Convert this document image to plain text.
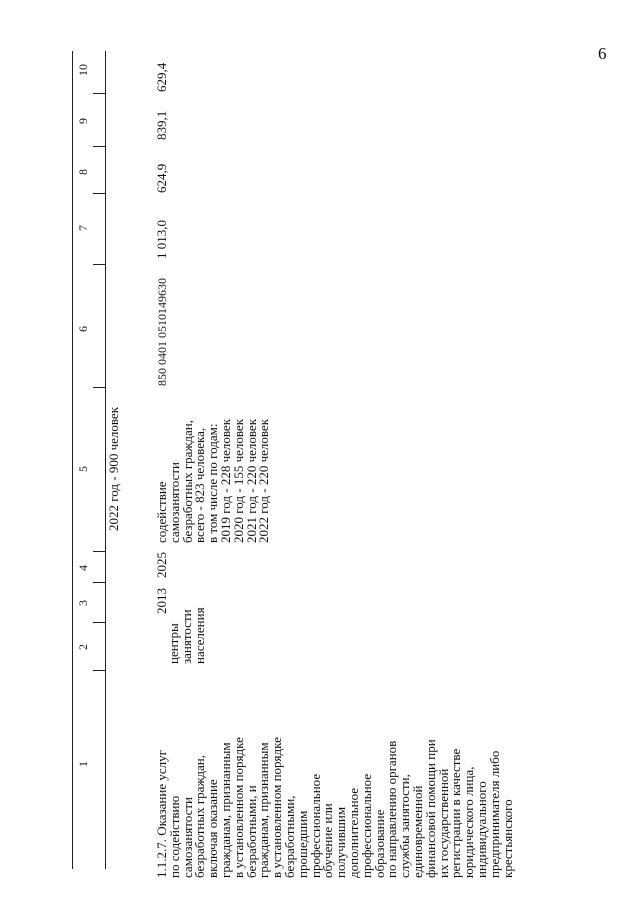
6
1
2
3
4
5
6
7
8
9
10
2022 год - 900 человек
1.1.2.7. Оказание услуг
по содействию
самозанятости
безработных граждан,
включая оказание
гражданам, признанным
в установленном порядке
безработными, и
гражданам, признанным
в установленном порядке
безработными,
прошедшим
профессиональное
обучение или
получившим
дополнительное
профессиональное
образование
по направлению органов
службы занятости,
единовременной
финансовой помощи при
их государственной
регистрации в качестве
юридического лица,
индивидуального
предпринимателя либо
крестьянского
центры
занятости
населения
2013
2025
содействие
самозанятости
безработных граждан,
всего - 823 человека,
в том числе по годам:
2019 год - 228 человек
2020 год - 155 человек
2021 год - 220 человек
2022 год - 220 человек
850 0401 0510149630
1 013,0
624,9
839,1
629,4
